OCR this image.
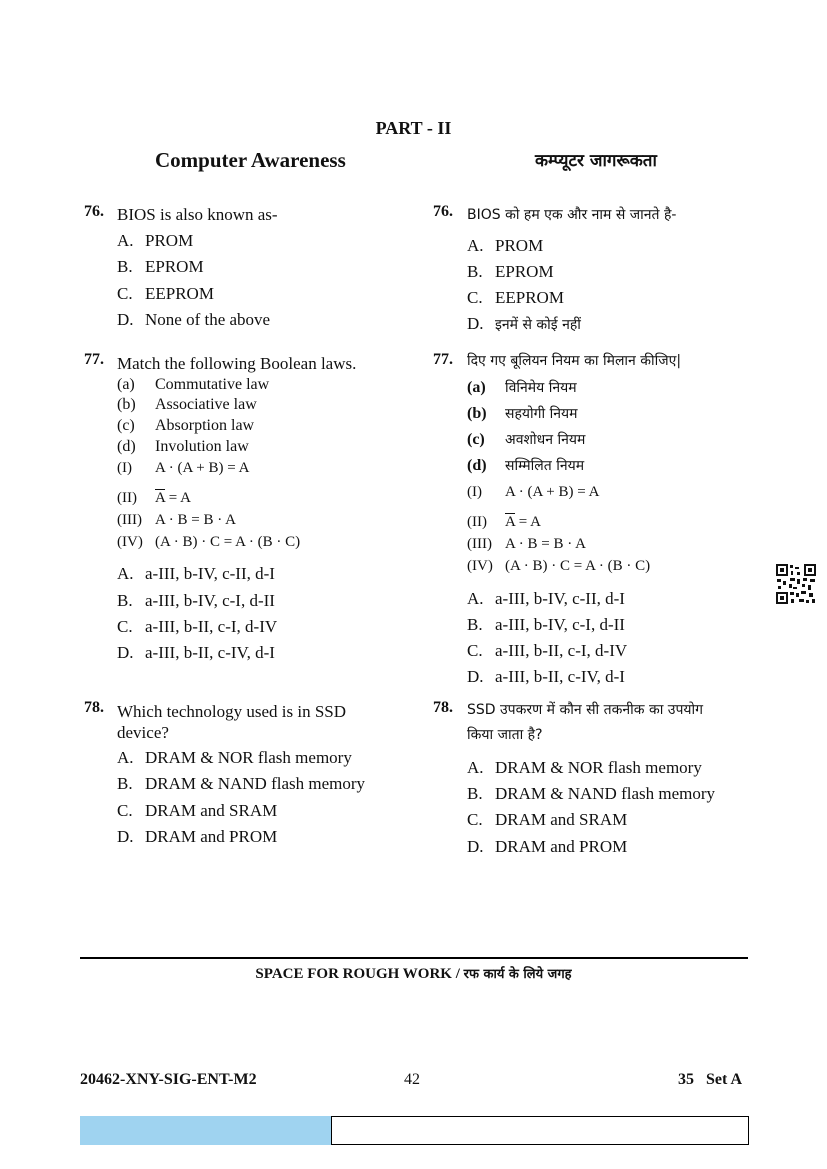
PART - II
Computer Awareness	कम्प्यूटर जागरूकता
76. BIOS is also known as-
A. PROM
B. EPROM
C. EEPROM
D. None of the above
76. BIOS को हम एक और नाम से जानते है-
A. PROM
B. EPROM
C. EEPROM
D. इनमें से कोई नहीं
77. Match the following Boolean laws.
(a) Commutative law
(b) Associative law
(c) Absorption law
(d) Involution law
(I) A · (A + B) = A
(II) $\overline{A} = A$
(III) A · B = B · A
(IV) (A · B) · C = A · (B · C)
A. a-III, b-IV, c-II, d-I
B. a-III, b-IV, c-I, d-II
C. a-III, b-II, c-I, d-IV
D. a-III, b-II, c-IV, d-I
77. दिए गए बूलियन नियम का मिलान कीजिए|
(a) विनिमेय नियम
(b) सहयोगी नियम
(c) अवशोधन नियम
(d) सम्मिलित नियम
(I) A · (A + B) = A
(II) $\overline{A} = A$
(III) A · B = B · A
(IV) (A · B) · C = A · (B · C)
A. a-III, b-IV, c-II, d-I
B. a-III, b-IV, c-I, d-II
C. a-III, b-II, c-I, d-IV
D. a-III, b-II, c-IV, d-I
78. Which technology used is in SSD
device?
A. DRAM & NOR flash memory
B. DRAM & NAND flash memory
C. DRAM and SRAM
D. DRAM and PROM
78. SSD उपकरण में कौन सी तकनीक का उपयोग
किया जाता है?
A. DRAM & NOR flash memory
B. DRAM & NAND flash memory
C. DRAM and SRAM
D. DRAM and PROM
SPACE FOR ROUGH WORK / रफ कार्य के लिये जगह
20462-XNY-SIG-ENT-M2	42	35 Set A
